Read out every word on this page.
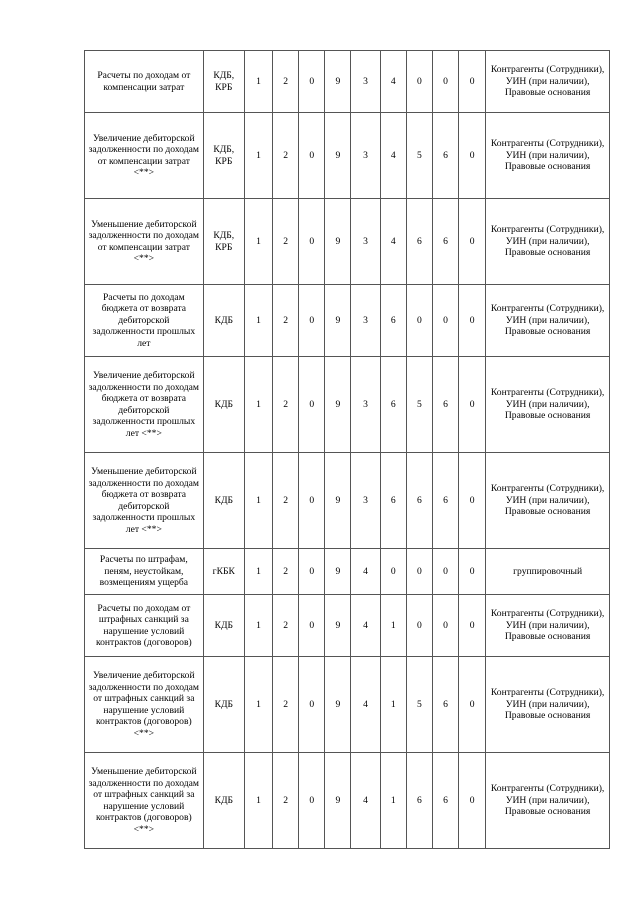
Расчеты по доходам от компенсации затрат	КДБ, КРБ	1	2	0	9	3	4	0	0	0	Контрагенты (Сотрудники), УИН (при наличии), Правовые основания
Увеличение дебиторской задолженности по доходам от компенсации затрат <**>	КДБ, КРБ	1	2	0	9	3	4	5	6	0	Контрагенты (Сотрудники), УИН (при наличии), Правовые основания
Уменьшение дебиторской задолженности по доходам от компенсации затрат <**>	КДБ, КРБ	1	2	0	9	3	4	6	6	0	Контрагенты (Сотрудники), УИН (при наличии), Правовые основания
Расчеты по доходам бюджета от возврата дебиторской задолженности прошлых лет	КДБ	1	2	0	9	3	6	0	0	0	Контрагенты (Сотрудники), УИН (при наличии), Правовые основания
Увеличение дебиторской задолженности по доходам бюджета от возврата дебиторской задолженности прошлых лет <**>	КДБ	1	2	0	9	3	6	5	6	0	Контрагенты (Сотрудники), УИН (при наличии), Правовые основания
Уменьшение дебиторской задолженности по доходам бюджета от возврата дебиторской задолженности прошлых лет <**>	КДБ	1	2	0	9	3	6	6	6	0	Контрагенты (Сотрудники), УИН (при наличии), Правовые основания
Расчеты по штрафам, пеням, неустойкам, возмещениям ущерба	гКБК	1	2	0	9	4	0	0	0	0	группировочный
Расчеты по доходам от штрафных санкций за нарушение условий контрактов (договоров)	КДБ	1	2	0	9	4	1	0	0	0	Контрагенты (Сотрудники), УИН (при наличии), Правовые основания
Увеличение дебиторской задолженности по доходам от штрафных санкций за нарушение условий контрактов (договоров) <**>	КДБ	1	2	0	9	4	1	5	6	0	Контрагенты (Сотрудники), УИН (при наличии), Правовые основания
Уменьшение дебиторской задолженности по доходам от штрафных санкций за нарушение условий контрактов (договоров) <**>	КДБ	1	2	0	9	4	1	6	6	0	Контрагенты (Сотрудники), УИН (при наличии), Правовые основания
